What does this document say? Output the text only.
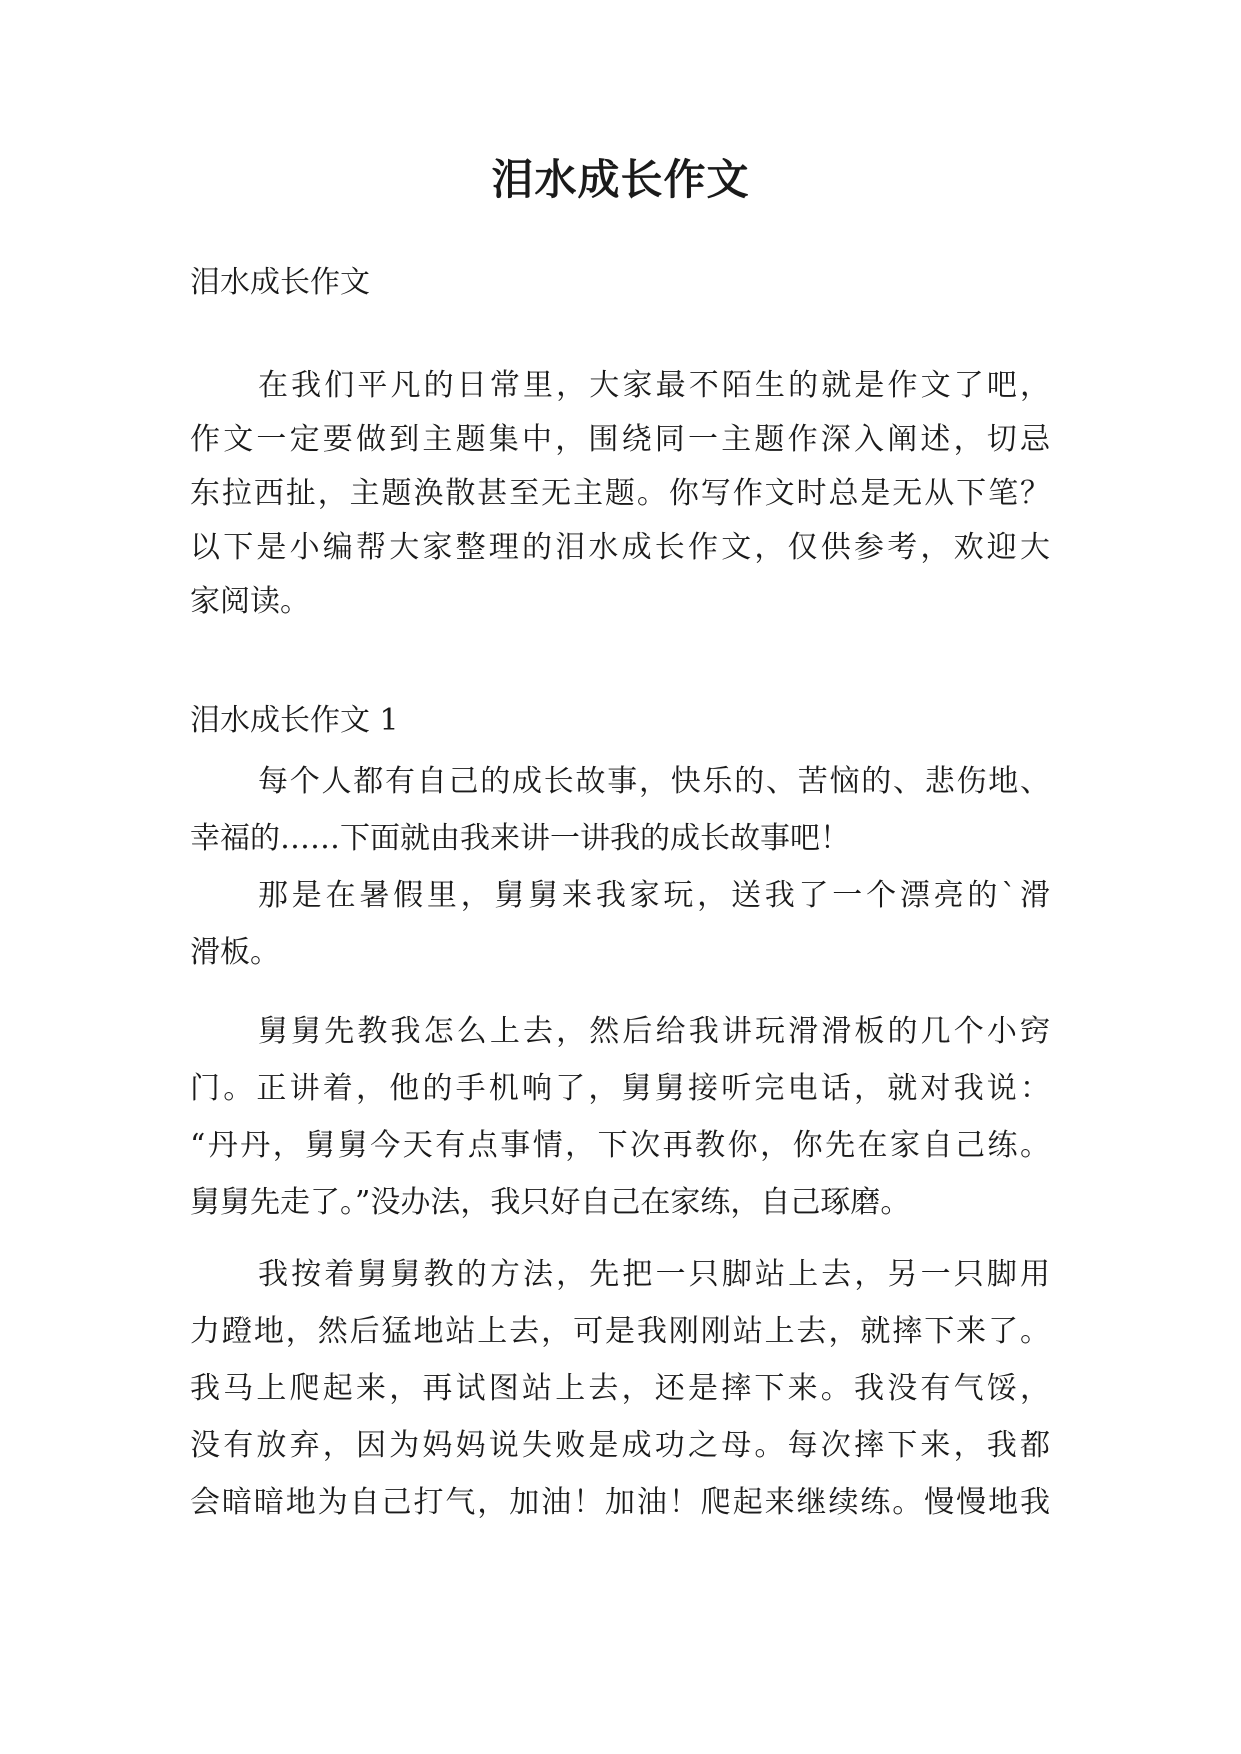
泪水成长作文

泪水成长作文

在我们平凡的日常里，大家最不陌生的就是作文了吧，

作文一定要做到主题集中，围绕同一主题作深入阐述，切忌

东拉西扯，主题涣散甚至无主题。你写作文时总是无从下笔？

以下是小编帮大家整理的泪水成长作文，仅供参考，欢迎大

家阅读。

泪水成长作文 1

每个人都有自己的成长故事，快乐的、苦恼的、悲伤地、

幸福的……下面就由我来讲一讲我的成长故事吧！

那是在暑假里，舅舅来我家玩，送我了一个漂亮的`滑

滑板。

舅舅先教我怎么上去，然后给我讲玩滑滑板的几个小窍

门。正讲着，他的手机响了，舅舅接听完电话，就对我说：

“丹丹，舅舅今天有点事情，下次再教你，你先在家自己练。

舅舅先走了。”没办法，我只好自己在家练，自己琢磨。

我按着舅舅教的方法，先把一只脚站上去，另一只脚用

力蹬地，然后猛地站上去，可是我刚刚站上去，就摔下来了。

我马上爬起来，再试图站上去，还是摔下来。我没有气馁，

没有放弃，因为妈妈说失败是成功之母。每次摔下来，我都

会暗暗地为自己打气，加油！加油！爬起来继续练。慢慢地我
